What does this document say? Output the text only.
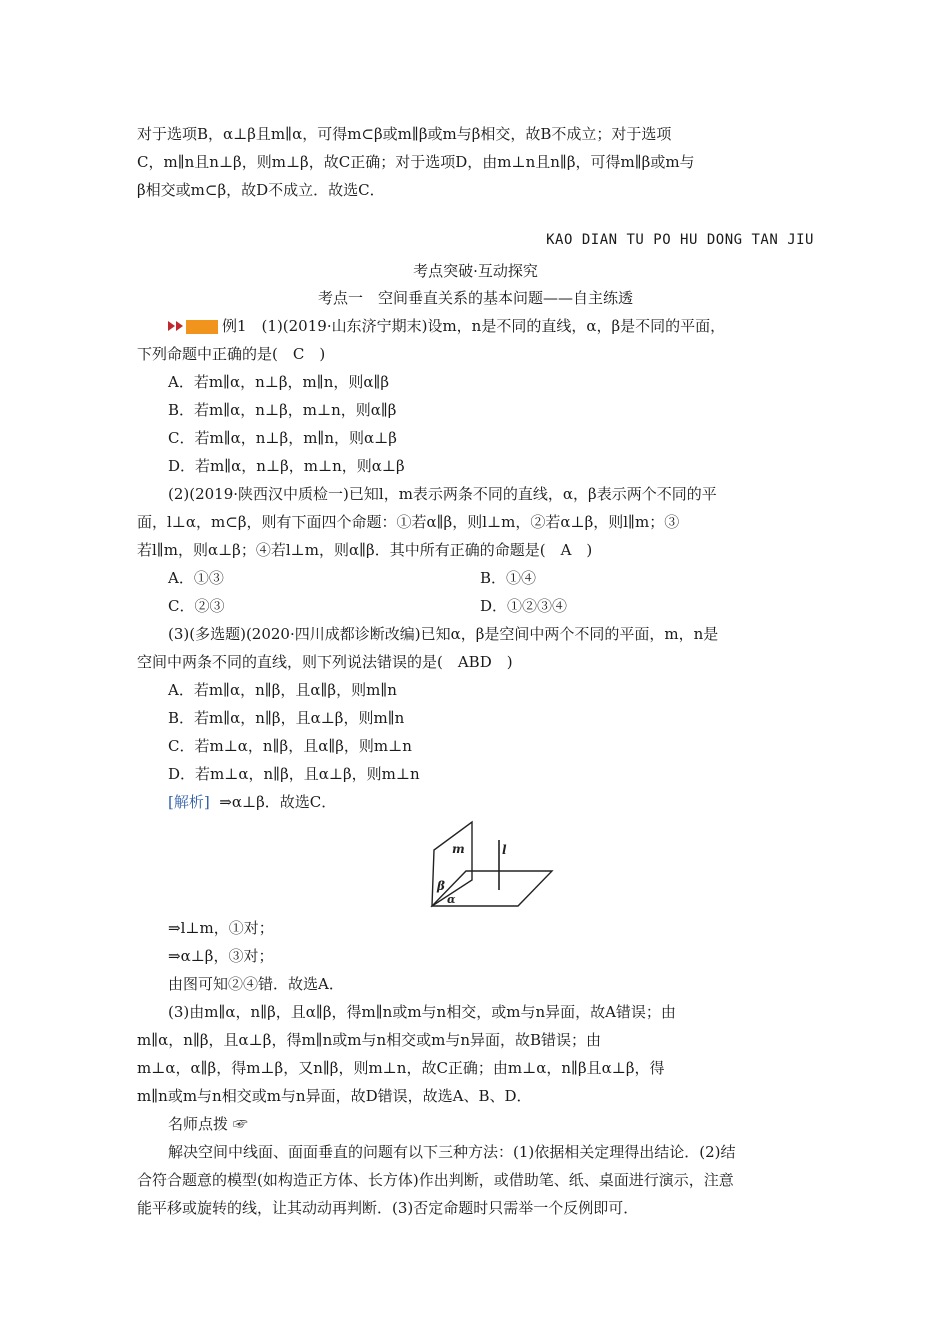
对于选项B，α⊥β且m∥α，可得m⊂β或m∥β或m与β相交，故B不成立；对于选项
C，m∥n且n⊥β，则m⊥β，故C正确；对于选项D，由m⊥n且n∥β，可得m∥β或m与
β相交或m⊂β，故D不成立．故选C．
KAO DIAN TU PO HU DONG TAN JIU
考点突破·互动探究
考点一　空间垂直关系的基本问题——自主练透
例1　(1)(2019·山东济宁期末)设m，n是不同的直线，α，β是不同的平面，
下列命题中正确的是(　C　)
A．若m∥α，n⊥β，m∥n，则α∥β
B．若m∥α，n⊥β，m⊥n，则α∥β
C．若m∥α，n⊥β，m∥n，则α⊥β
D．若m∥α，n⊥β，m⊥n，则α⊥β
(2)(2019·陕西汉中质检一)已知l，m表示两条不同的直线，α，β表示两个不同的平
面，l⊥α，m⊂β，则有下面四个命题：①若α∥β，则l⊥m，②若α⊥β，则l∥m；③
若l∥m，则α⊥β；④若l⊥m，则α∥β．其中所有正确的命题是(　A　)
A．①③	B．①④
C．②③	D．①②③④
(3)(多选题)(2020·四川成都诊断改编)已知α，β是空间中两个不同的平面，m，n是
空间中两条不同的直线，则下列说法错误的是(　ABD　)
A．若m∥α，n∥β，且α∥β，则m∥n
B．若m∥α，n∥β，且α⊥β，则m∥n
C．若m⊥α，n∥β，且α∥β，则m⊥n
D．若m⊥α，n∥β，且α⊥β，则m⊥n
[解析] ⇒α⊥β．故选C．
m	l
β
α
⇒l⊥m，①对；
⇒α⊥β，③对；
由图可知②④错．故选A．
(3)由m∥α，n∥β，且α∥β，得m∥n或m与n相交，或m与n异面，故A错误；由
m∥α，n∥β，且α⊥β，得m∥n或m与n相交或m与n异面，故B错误；由
m⊥α，α∥β，得m⊥β，又n∥β，则m⊥n，故C正确；由m⊥α，n∥β且α⊥β，得
m∥n或m与n相交或m与n异面，故D错误，故选A、B、D．
名师点拨 ☞
解决空间中线面、面面垂直的问题有以下三种方法：(1)依据相关定理得出结论．(2)结
合符合题意的模型(如构造正方体、长方体)作出判断，或借助笔、纸、桌面进行演示，注意
能平移或旋转的线，让其动动再判断．(3)否定命题时只需举一个反例即可．
